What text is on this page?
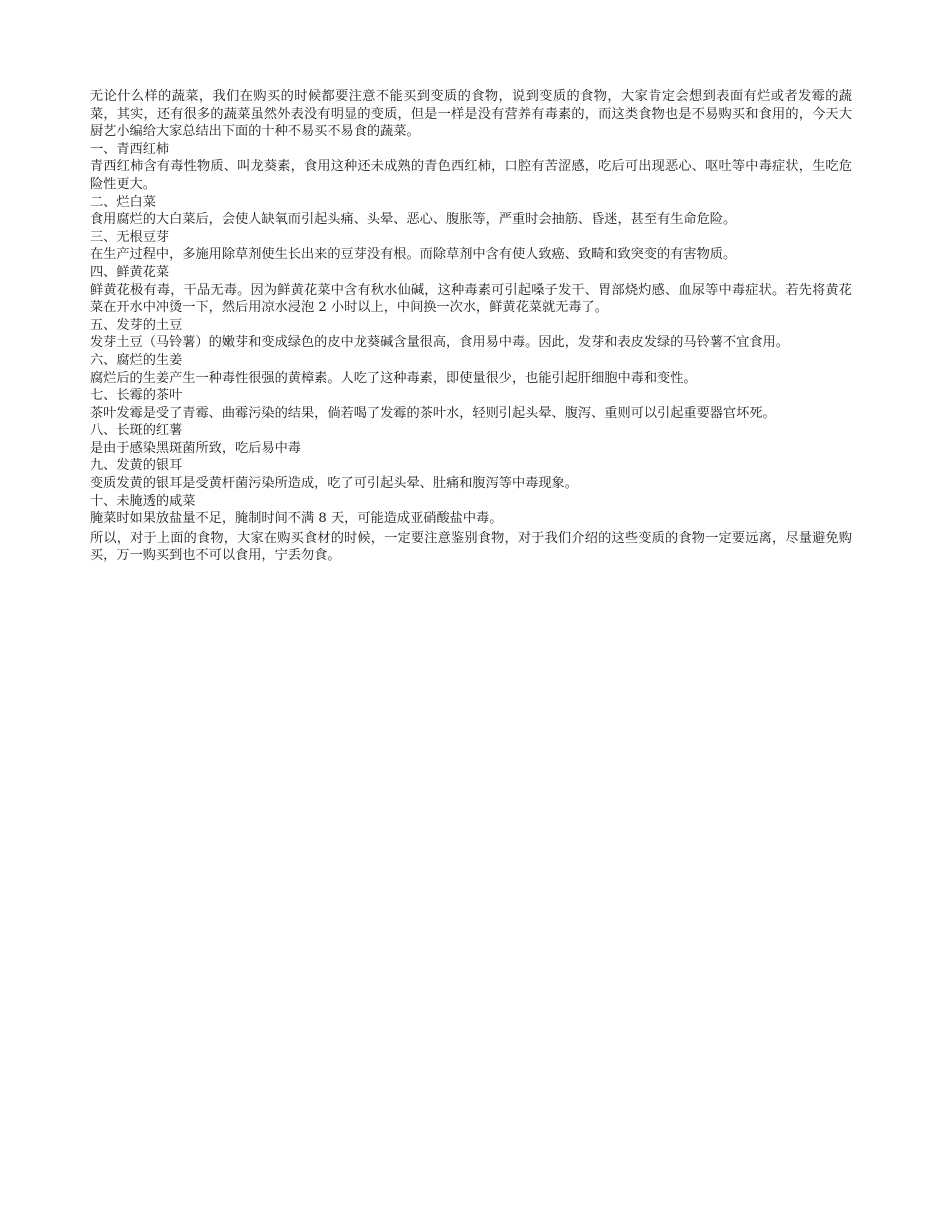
无论什么样的蔬菜，我们在购买的时候都要注意不能买到变质的食物，说到变质的食物，大家肯定会想到表面有烂或者发霉的蔬菜，其实，还有很多的蔬菜虽然外表没有明显的变质，但是一样是没有营养有毒素的，而这类食物也是不易购买和食用的，今天大厨艺小编给大家总结出下面的十种不易买不易食的蔬菜。

一、青西红柿

青西红柿含有毒性物质、叫龙葵素，食用这种还未成熟的青色西红柿，口腔有苦涩感，吃后可出现恶心、呕吐等中毒症状，生吃危险性更大。

二、烂白菜

食用腐烂的大白菜后，会使人缺氧而引起头痛、头晕、恶心、腹胀等，严重时会抽筋、昏迷，甚至有生命危险。

三、无根豆芽

在生产过程中，多施用除草剂使生长出来的豆芽没有根。而除草剂中含有使人致癌、致畸和致突变的有害物质。

四、鲜黄花菜

鲜黄花极有毒，干品无毒。因为鲜黄花菜中含有秋水仙碱，这种毒素可引起嗓子发干、胃部烧灼感、血尿等中毒症状。若先将黄花菜在开水中冲烫一下，然后用凉水浸泡 2 小时以上，中间换一次水，鲜黄花菜就无毒了。

五、发芽的土豆

发芽土豆（马铃薯）的嫩芽和变成绿色的皮中龙葵碱含量很高，食用易中毒。因此，发芽和表皮发绿的马铃薯不宜食用。

六、腐烂的生姜

腐烂后的生姜产生一种毒性很强的黄樟素。人吃了这种毒素，即使量很少，也能引起肝细胞中毒和变性。

七、长霉的茶叶

茶叶发霉是受了青霉、曲霉污染的结果，倘若喝了发霉的茶叶水，轻则引起头晕、腹泻、重则可以引起重要器官坏死。

八、长斑的红薯

是由于感染黑斑菌所致，吃后易中毒

九、发黄的银耳

变质发黄的银耳是受黄杆菌污染所造成，吃了可引起头晕、肚痛和腹泻等中毒现象。

十、未腌透的咸菜

腌菜时如果放盐量不足，腌制时间不满 8 天，可能造成亚硝酸盐中毒。

所以，对于上面的食物，大家在购买食材的时候，一定要注意鉴别食物，对于我们介绍的这些变质的食物一定要远离，尽量避免购买，万一购买到也不可以食用，宁丢勿食。
